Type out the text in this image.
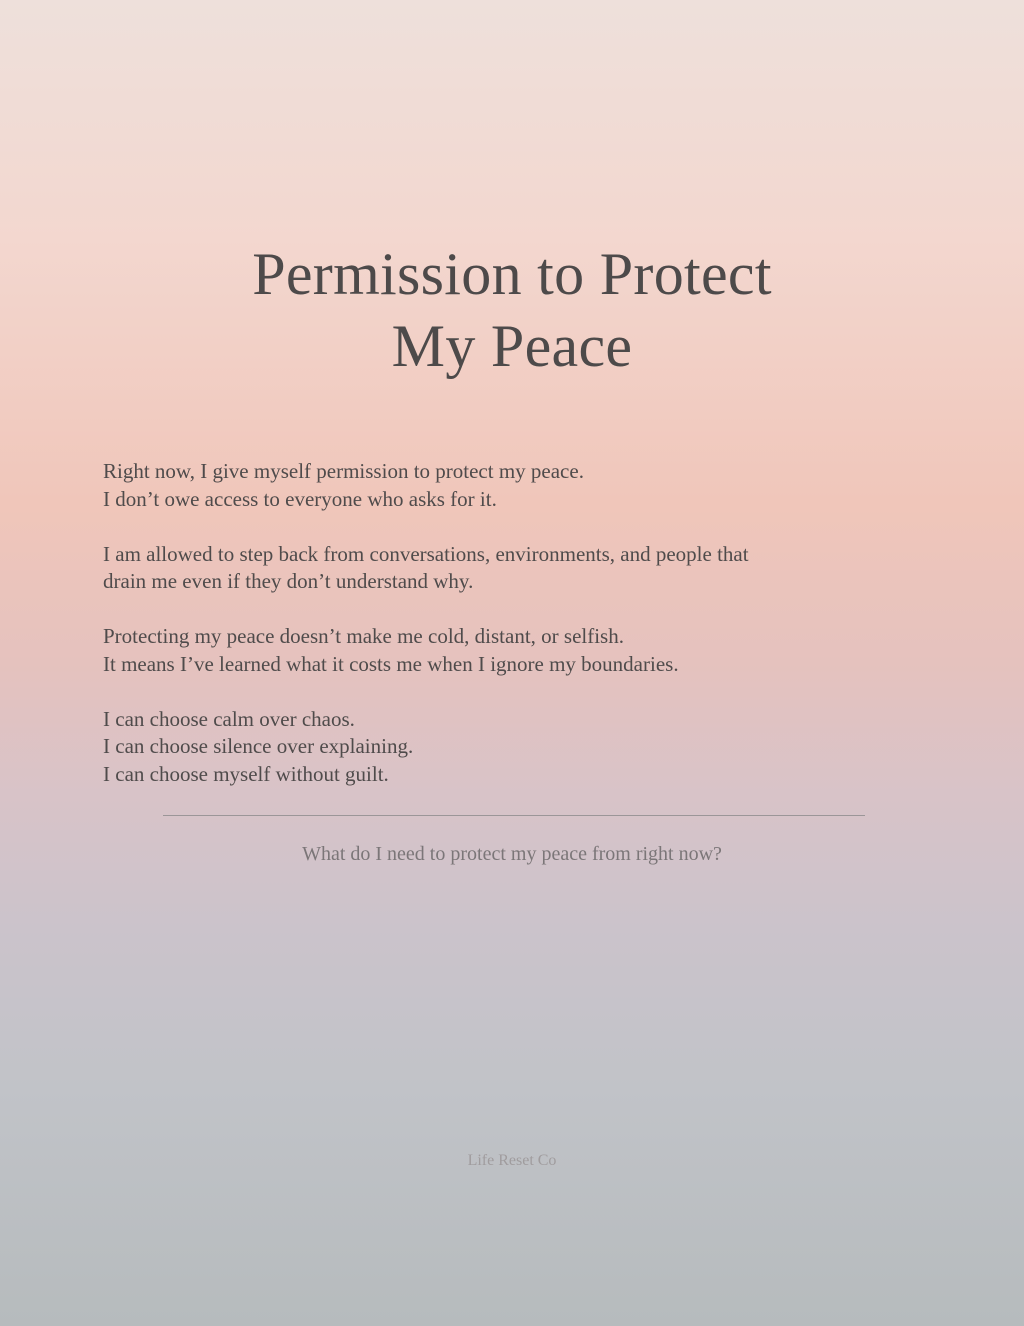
Permission to Protect
My Peace

Right now, I give myself permission to protect my peace.
I don’t owe access to everyone who asks for it.

I am allowed to step back from conversations, environments, and people that
drain me even if they don’t understand why.

Protecting my peace doesn’t make me cold, distant, or selfish.
It means I’ve learned what it costs me when I ignore my boundaries.

I can choose calm over chaos.
I can choose silence over explaining.
I can choose myself without guilt.

What do I need to protect my peace from right now?
Life Reset Co
